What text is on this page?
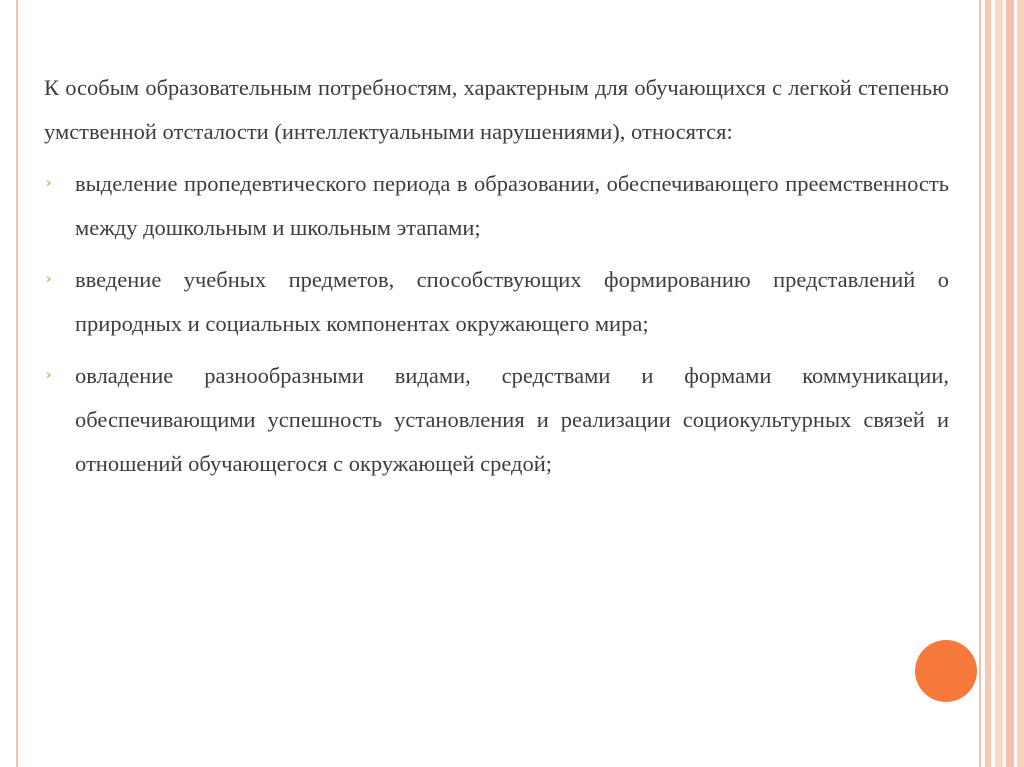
К особым образовательным потребностям, характерным для обучающихся с легкой степенью умственной отсталости (интеллектуальными нарушениями), относятся:

›	выделение пропедевтического периода в образовании, обеспечивающего преемственность между дошкольным и школьным этапами;
›	введение учебных предметов, способствующих формированию представлений о природных и социальных компонентах окружающего мира;
›	овладение разнообразными видами, средствами и формами коммуникации, обеспечивающими успешность установления и реализации социокультурных связей и отношений обучающегося с окружающей средой;
